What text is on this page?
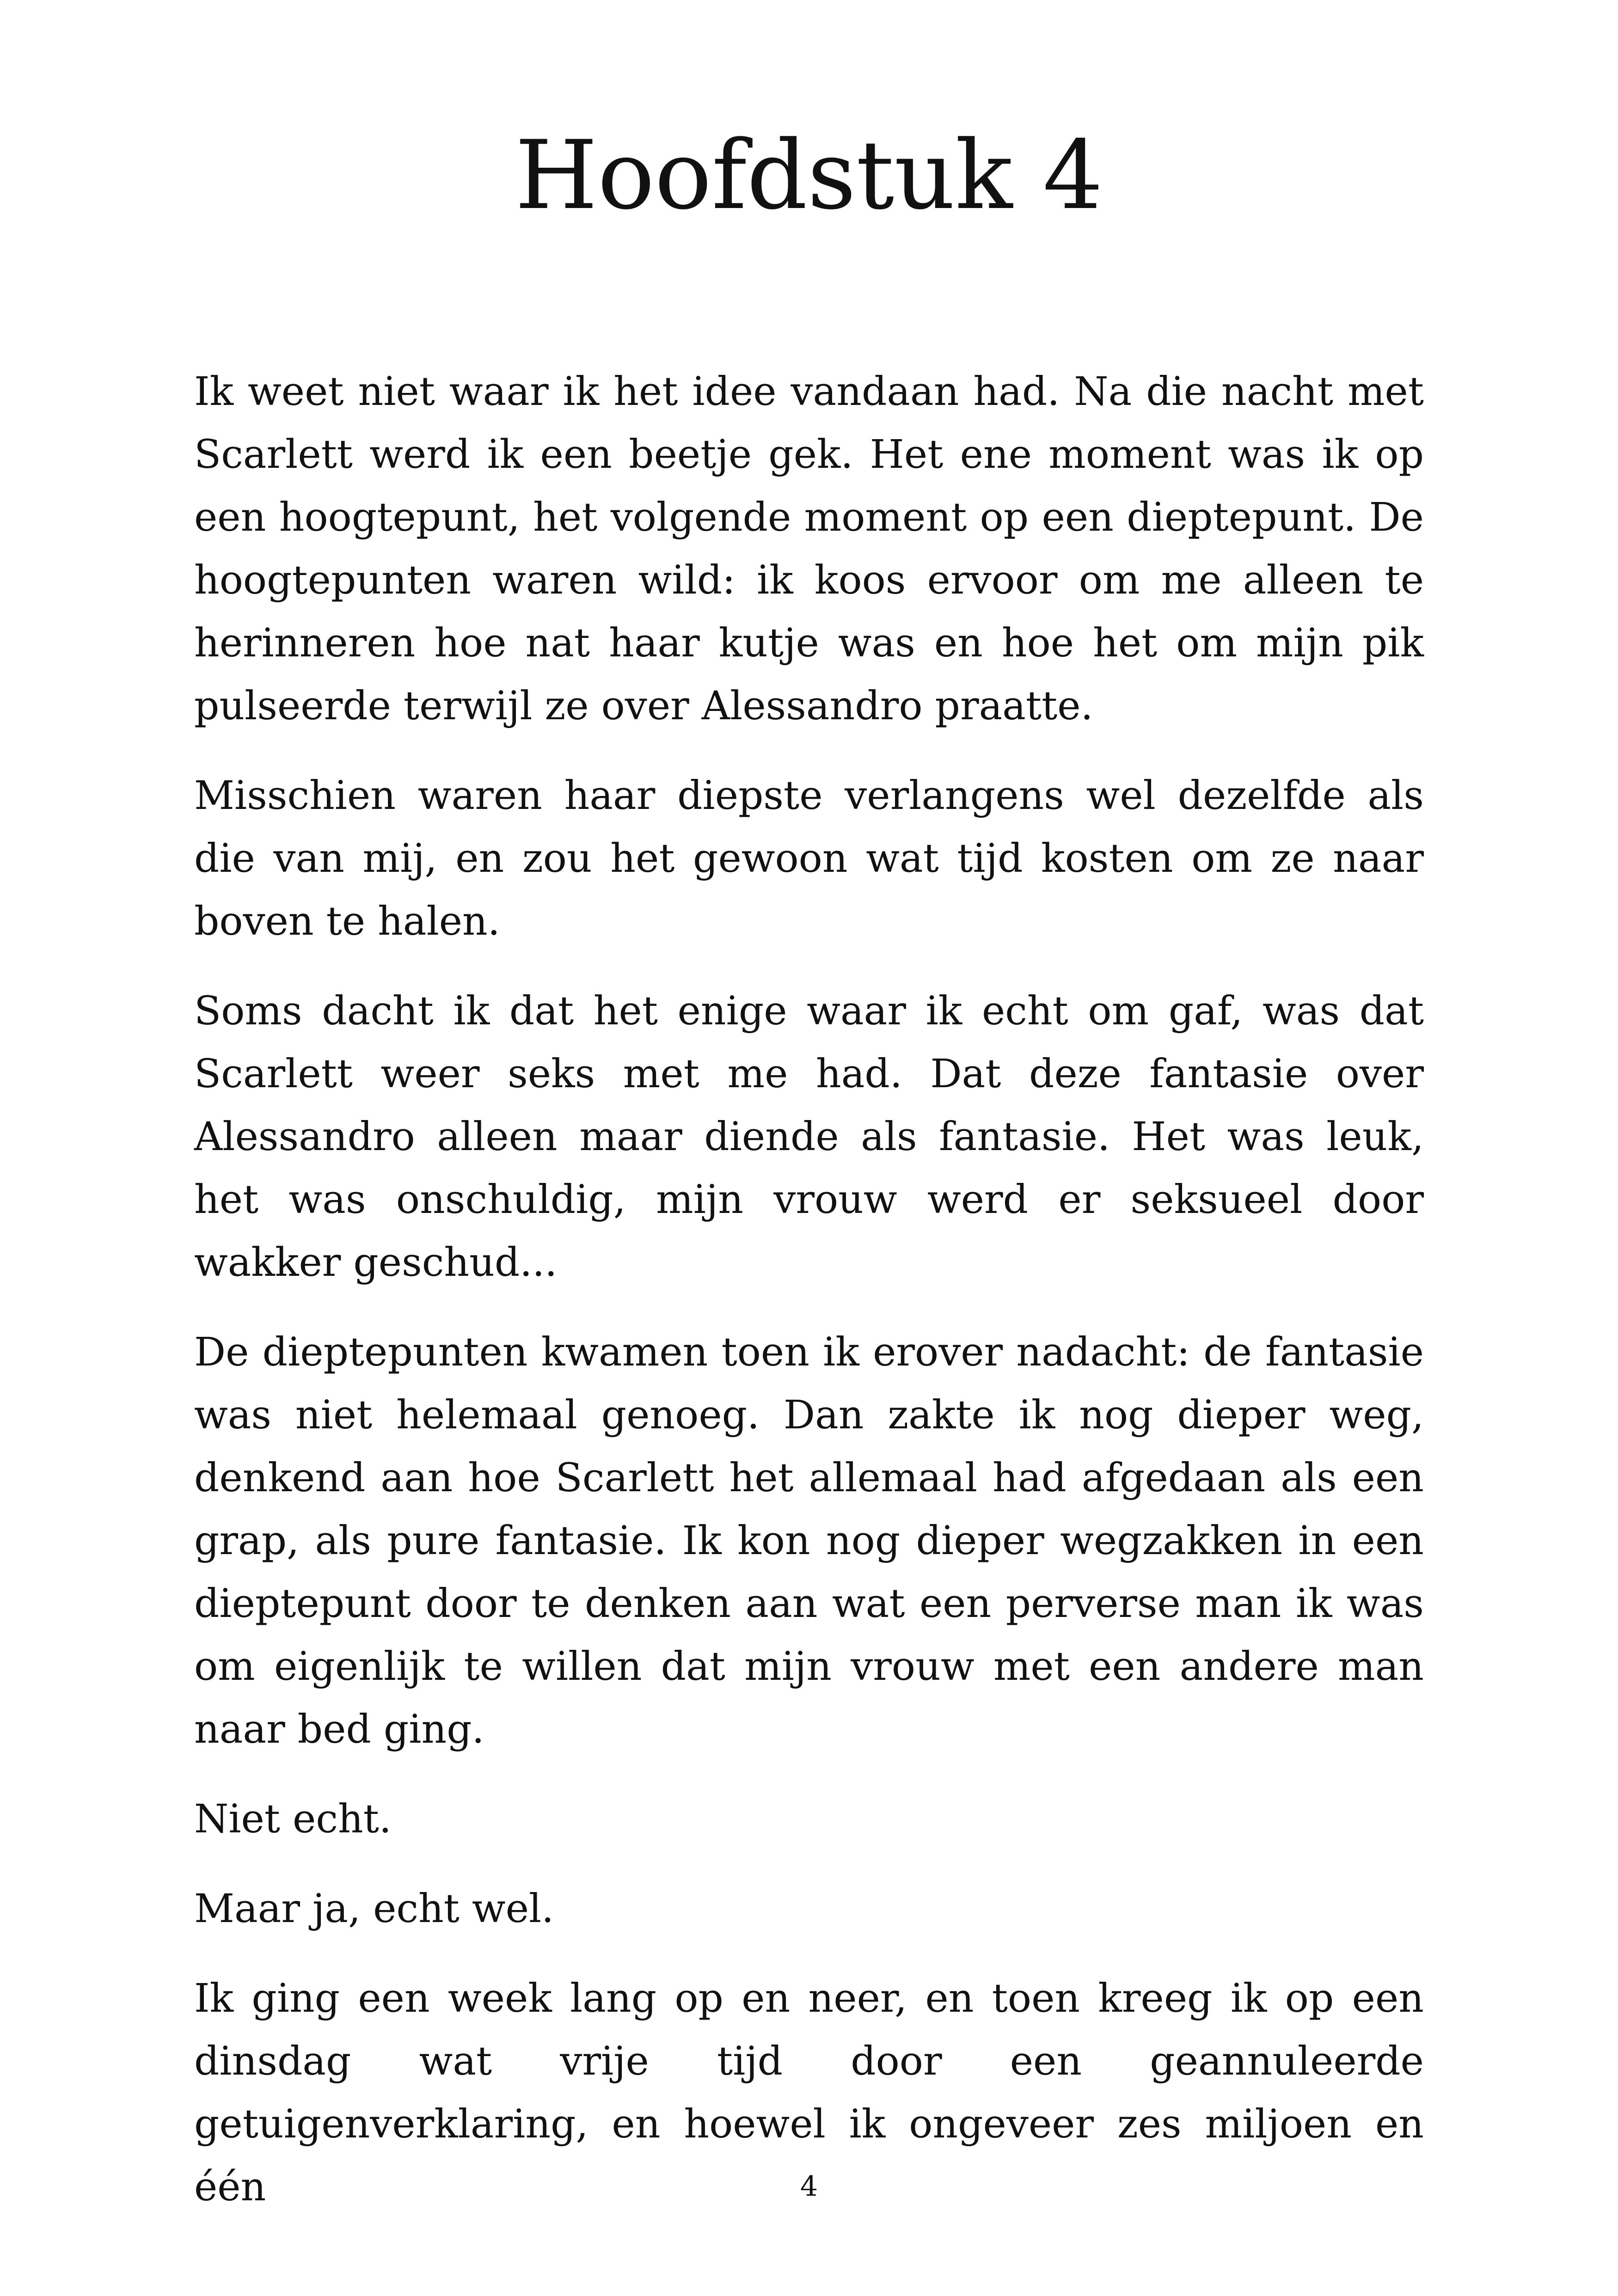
Hoofdstuk 4

Ik weet niet waar ik het idee vandaan had. Na die nacht met Scarlett werd ik een beetje gek. Het ene moment was ik op een hoogtepunt, het volgende moment op een dieptepunt. De hoogtepunten waren wild: ik koos ervoor om me alleen te herinneren hoe nat haar kutje was en hoe het om mijn pik pulseerde terwijl ze over Alessandro praatte.

Misschien waren haar diepste verlangens wel dezelfde als die van mij, en zou het gewoon wat tijd kosten om ze naar boven te halen.

Soms dacht ik dat het enige waar ik echt om gaf, was dat Scarlett weer seks met me had. Dat deze fantasie over Alessandro alleen maar diende als fantasie. Het was leuk, het was onschuldig, mijn vrouw werd er seksueel door wakker geschud...

De dieptepunten kwamen toen ik erover nadacht: de fantasie was niet helemaal genoeg. Dan zakte ik nog dieper weg, denkend aan hoe Scarlett het allemaal had afgedaan als een grap, als pure fantasie. Ik kon nog dieper wegzakken in een dieptepunt door te denken aan wat een perverse man ik was om eigenlijk te willen dat mijn vrouw met een andere man naar bed ging.

Niet echt.

Maar ja, echt wel.

Ik ging een week lang op en neer, en toen kreeg ik op een dinsdag wat vrije tijd door een geannuleerde getuigenverklaring, en hoewel ik ongeveer zes miljoen en één	4
